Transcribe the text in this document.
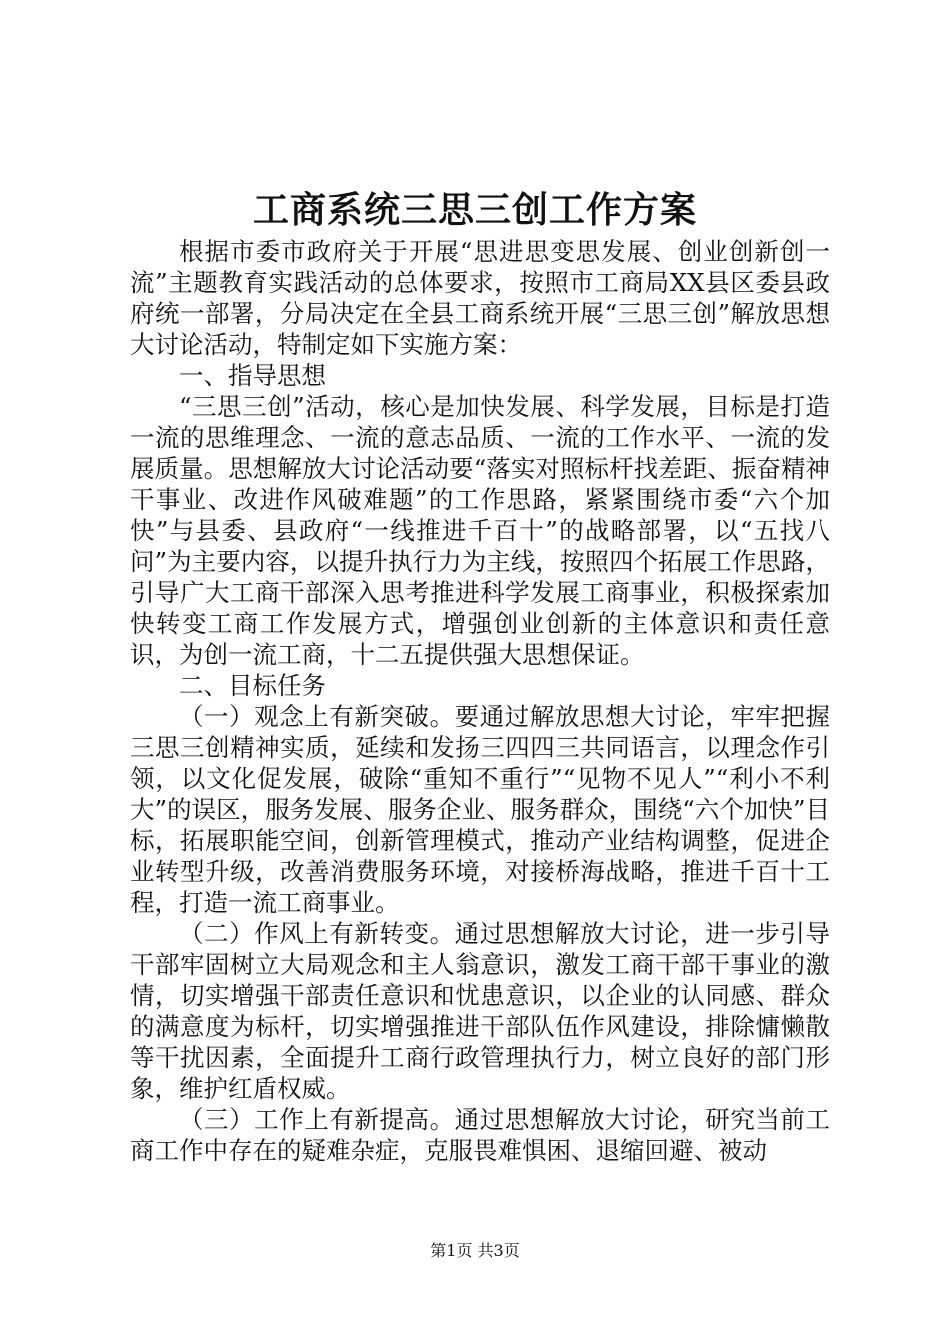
工商系统三思三创工作方案

根据市委市政府关于开展“思进思变思发展、创业创新创一流”主题教育实践活动的总体要求，按照市工商局XX县区委县政府统一部署，分局决定在全县工商系统开展“三思三创”解放思想大讨论活动，特制定如下实施方案：

一、指导思想

“三思三创”活动，核心是加快发展、科学发展，目标是打造一流的思维理念、一流的意志品质、一流的工作水平、一流的发展质量。思想解放大讨论活动要“落实对照标杆找差距、振奋精神干事业、改进作风破难题”的工作思路，紧紧围绕市委“六个加快”与县委、县政府“一线推进千百十”的战略部署，以“五找八问”为主要内容，以提升执行力为主线，按照四个拓展工作思路，引导广大工商干部深入思考推进科学发展工商事业，积极探索加快转变工商工作发展方式，增强创业创新的主体意识和责任意识，为创一流工商，十二五提供强大思想保证。

二、目标任务

（一）观念上有新突破。要通过解放思想大讨论，牢牢把握三思三创精神实质，延续和发扬三四四三共同语言，以理念作引领，以文化促发展，破除“重知不重行”“见物不见人”“利小不利大”的误区，服务发展、服务企业、服务群众，围绕“六个加快”目标，拓展职能空间，创新管理模式，推动产业结构调整，促进企业转型升级，改善消费服务环境，对接桥海战略，推进千百十工程，打造一流工商事业。

（二）作风上有新转变。通过思想解放大讨论，进一步引导干部牢固树立大局观念和主人翁意识，激发工商干部干事业的激情，切实增强干部责任意识和忧患意识，以企业的认同感、群众的满意度为标杆，切实增强推进干部队伍作风建设，排除慵懒散等干扰因素，全面提升工商行政管理执行力，树立良好的部门形象，维护红盾权威。

（三）工作上有新提高。通过思想解放大讨论，研究当前工商工作中存在的疑难杂症，克服畏难惧困、退缩回避、被动

第1页 共3页
